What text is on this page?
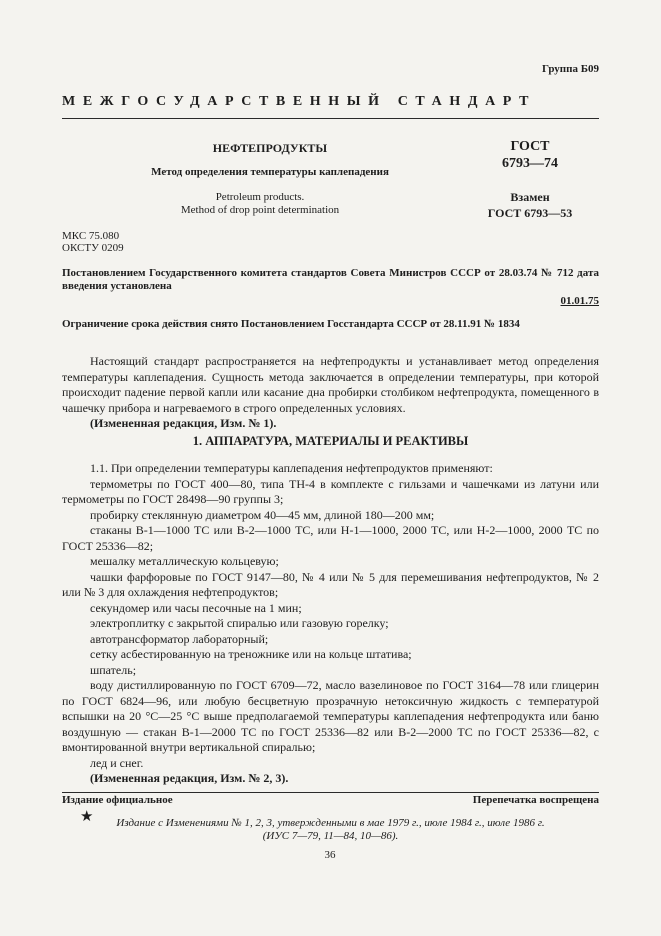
Группа Б09
МЕЖГОСУДАРСТВЕННЫЙ СТАНДАРТ
НЕФТЕПРОДУКТЫ
Метод определения температуры каплепадения
Petroleum products.
Method of drop point determination
ГОСТ
6793—74
Взамен
ГОСТ 6793—53
МКС 75.080
ОКСТУ 0209
Постановлением Государственного комитета стандартов Совета Министров СССР от 28.03.74 № 712 дата введения установлена
01.01.75
Ограничение срока действия снято Постановлением Госстандарта СССР от 28.11.91 № 1834

Настоящий стандарт распространяется на нефтепродукты и устанавливает метод определения температуры каплепадения. Сущность метода заключается в определении температуры, при которой происходит падение первой капли или касание дна пробирки столбиком нефтепродукта, помещенного в чашечку прибора и нагреваемого в строго определенных условиях.

(Измененная редакция, Изм. № 1).

1. АППАРАТУРА, МАТЕРИАЛЫ И РЕАКТИВЫ

1.1. При определении температуры каплепадения нефтепродуктов применяют:

термометры по ГОСТ 400—80, типа ТН-4 в комплекте с гильзами и чашечками из латуни или термометры по ГОСТ 28498—90 группы 3;

пробирку стеклянную диаметром 40—45 мм, длиной 180—200 мм;

стаканы В-1—1000 ТС или В-2—1000 ТС, или Н-1—1000, 2000 ТС, или Н-2—1000, 2000 ТС по ГОСТ 25336—82;

мешалку металлическую кольцевую;

чашки фарфоровые по ГОСТ 9147—80, № 4 или № 5 для перемешивания нефтепродуктов, № 2 или № 3 для охлаждения нефтепродуктов;

секундомер или часы песочные на 1 мин;

электроплитку с закрытой спиралью или газовую горелку;

автотрансформатор лабораторный;

сетку асбестированную на треножнике или на кольце штатива;

шпатель;

воду дистиллированную по ГОСТ 6709—72, масло вазелиновое по ГОСТ 3164—78 или глицерин по ГОСТ 6824—96, или любую бесцветную прозрачную нетоксичную жидкость с температурой вспышки на 20 °С—25 °С выше предполагаемой температуры каплепадения нефтепродукта или баню воздушную — стакан В-1—2000 ТС по ГОСТ 25336—82 или В-2—2000 ТС по ГОСТ 25336—82, с вмонтированной внутри вертикальной спиралью;

лед и снег.

(Измененная редакция, Изм. № 2, 3).

Издание официальное	Перепечатка воспрещена
★	Издание с Изменениями № 1, 2, 3, утвержденными в мае 1979 г., июле 1984 г., июле 1986 г.
(ИУС 7—79, 11—84, 10—86).
36
